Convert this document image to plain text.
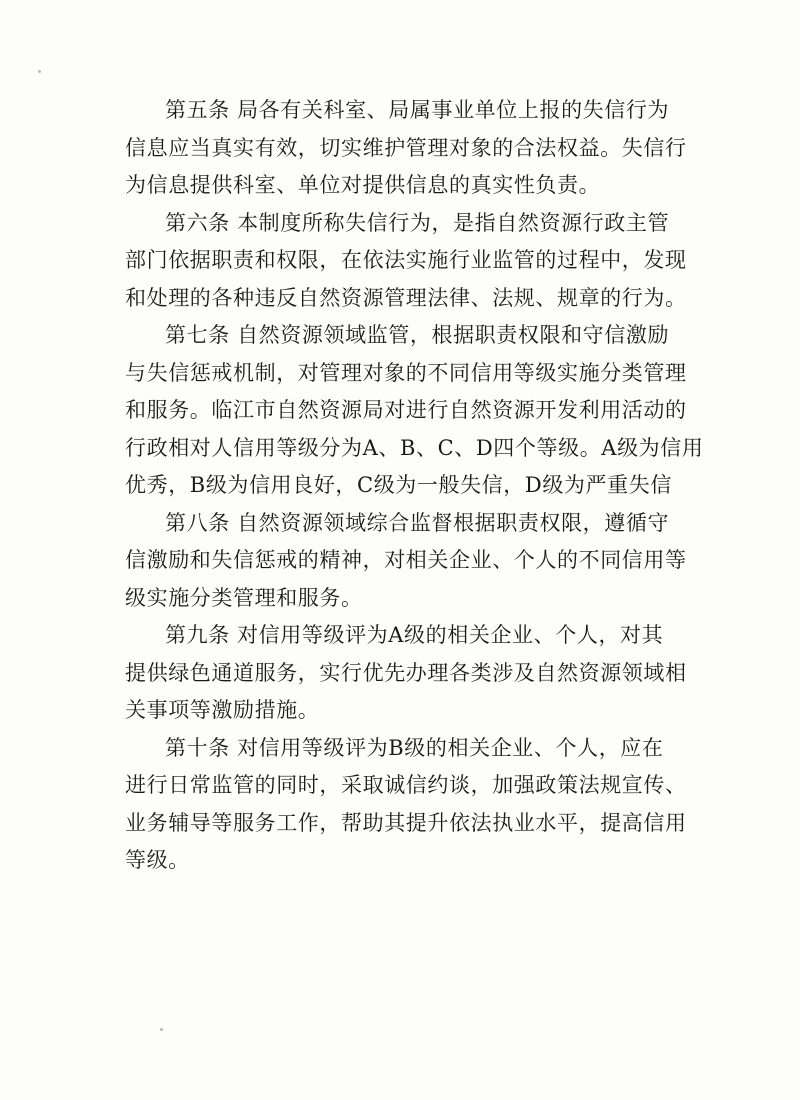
第五条 局各有关科室、局属事业单位上报的失信行为
信息应当真实有效，切实维护管理对象的合法权益。失信行
为信息提供科室、单位对提供信息的真实性负责。
第六条 本制度所称失信行为，是指自然资源行政主管
部门依据职责和权限，在依法实施行业监管的过程中，发现
和处理的各种违反自然资源管理法律、法规、规章的行为。
第七条 自然资源领域监管，根据职责权限和守信激励
与失信惩戒机制，对管理对象的不同信用等级实施分类管理
和服务。临江市自然资源局对进行自然资源开发利用活动的
行政相对人信用等级分为A、B、C、D四个等级。A级为信用
优秀，B级为信用良好，C级为一般失信，D级为严重失信
第八条 自然资源领域综合监督根据职责权限，遵循守
信激励和失信惩戒的精神，对相关企业、个人的不同信用等
级实施分类管理和服务。
第九条 对信用等级评为A级的相关企业、个人，对其
提供绿色通道服务，实行优先办理各类涉及自然资源领域相
关事项等激励措施。
第十条 对信用等级评为B级的相关企业、个人，应在
进行日常监管的同时，采取诚信约谈，加强政策法规宣传、
业务辅导等服务工作，帮助其提升依法执业水平，提高信用
等级。
